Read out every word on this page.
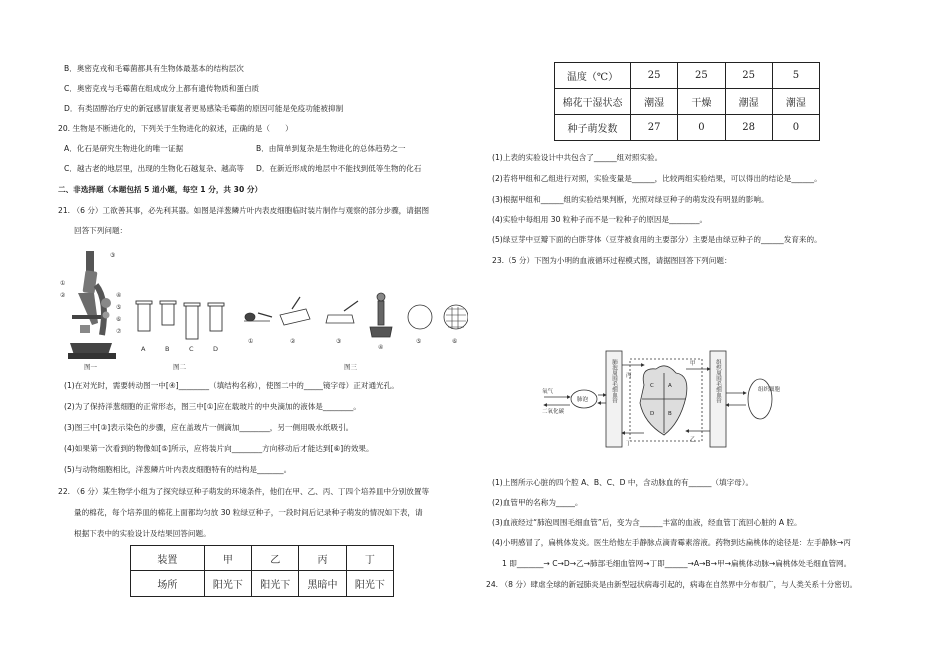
B．奥密克戎和毛霉菌都具有生物体最基本的结构层次
C．奥密克戎与毛霉菌在组成成分上都有遗传物质和蛋白质
D．有类固醇治疗史的新冠感冒康复者更易感染毛霉菌的原因可能是免疫功能被抑制
20. 生物是不断进化的，下列关于生物进化的叙述，正确的是（　　）
A．化石是研究生物进化的唯一证据	B．由简单到复杂是生物进化的总体趋势之一
C．越古老的地层里，出现的生物化石越复杂、越高等 D．在新近形成的地层中不能找到低等生物的化石
二、非选择题（本题包括 5 道小题，每空 1 分，共 30 分）
21. （6 分）工欲善其事，必先利其器。如图是洋葱鳞片叶内表皮细胞临时装片制作与观察的部分步骤，请据图
回答下列问题：
③
①
②	④
⑤
⑥
⑦
图一
A	B	C	D
图二
①	②	③
④
⑤	⑥
图三
(1)在对光时，需要转动图一中[④]________（填结构名称），使图二中的_____镜字母）正对通光孔。
(2)为了保持洋葱细胞的正常形态，图三中[①]应在载玻片的中央滴加的液体是________。
(3)图三中[③]表示染色的步骤，应在盖玻片一侧滴加________，另一侧用吸水纸吸引。
(4)如果第一次看到的物像如[⑤]所示，应将装片向________方向移动后才能达到[⑥]的效果。
(5)与动物细胞相比，洋葱鳞片叶内表皮细胞特有的结构是_______。
22. （6 分）某生物学小组为了探究绿豆种子萌发的环境条件，他们在甲、乙、丙、丁四个培养皿中分别放置等
量的棉花，每个培养皿的棉花上面都均匀放 30 粒绿豆种子，一段时间后记录种子萌发的情况如下表，请
根据下表中的实验设计及结果回答问题。
装置	甲	乙	丙	丁
场所	阳光下	阳光下	黑暗中	阳光下
温度（℃）	25	25	25	5
棉花干湿状态	潮湿	干燥	潮湿	潮湿
种子萌发数	27	0	28	0
(1)上表的实验设计中共包含了______组对照实验。
(2)若将甲组和乙组进行对照，实验变量是______，比较两组实验结果，可以得出的结论是______。
(3)根据甲组和______组的实验结果判断，光照对绿豆种子的萌发没有明显的影响。
(4)实验中每组用 30 粒种子而不是一粒种子的原因是________。
(5)绿豆芽中豆瓣下面的白胖芽体（豆芽被食用的主要部分）主要是由绿豆种子的______发育来的。
23.（5 分）下图为小明的血液循环过程模式图，请据图回答下列问题：
氧气
二氧化碳
肺泡
丙
甲
丁
乙
A
B
C
D
组织细胞
肺泡周围毛细血管	组织周围毛细血管
(1)上图所示心脏的四个腔 A、B、C、D 中，含动脉血的有______（填字母）。
(2)血管甲的名称为_____。
(3)血液经过“肺泡周围毛细血管”后，变为含______丰富的血液，经血管丁流回心脏的 A 腔。
(4)小明感冒了，扁桃体发炎。医生给他左手静脉点滴青霉素溶液。药物到达扁桃体的途径是：左手静脉→丙
1 即_______→ C→D→乙→肺部毛细血管网→丁即______→A→B→甲→扁桃体动脉→扁桃体处毛细血管网。
24. （8 分）肆虐全球的新冠肺炎是由新型冠状病毒引起的，病毒在自然界中分布很广，与人类关系十分密切。
